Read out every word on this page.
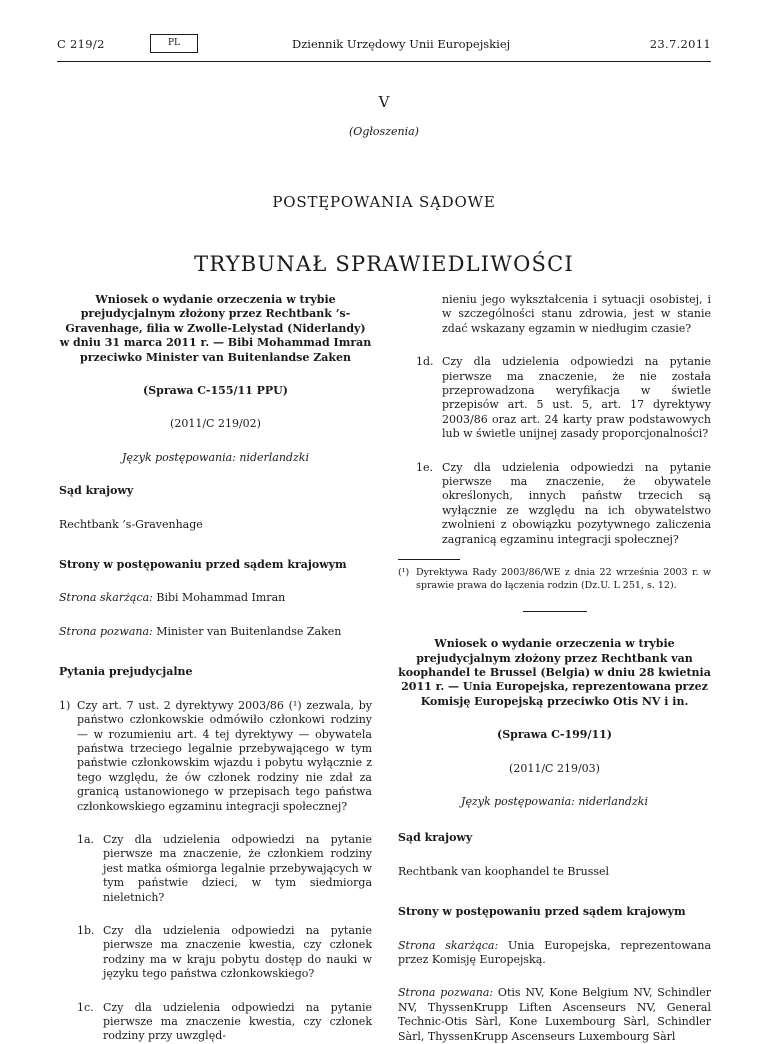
C 219/2	PL	Dziennik Urzędowy Unii Europejskiej	23.7.2011
V
(Ogłoszenia)
POSTĘPOWANIA SĄDOWE
TRYBUNAŁ SPRAWIEDLIWOŚCI

Wniosek o wydanie orzeczenia w trybie prejudycjalnym złożony przez Rechtbank ’s-Gravenhage, filia w Zwolle-Lelystad (Niderlandy) w dniu 31 marca 2011 r. — Bibi Mohammad Imran przeciwko Minister van Buitenlandse Zaken

(Sprawa C-155/11 PPU)

(2011/C 219/02)

Język postępowania: niderlandzki

Sąd krajowy

Rechtbank ’s-Gravenhage

Strony w postępowaniu przed sądem krajowym

Strona skarżąca: Bibi Mohammad Imran

Strona pozwana: Minister van Buitenlandse Zaken

Pytania prejudycjalne

1) Czy art. 7 ust. 2 dyrektywy 2003/86 (¹) zezwala, by państwo członkowskie odmówiło członkowi rodziny — w rozumieniu art. 4 tej dyrektywy — obywatela państwa trzeciego legalnie przebywającego w tym państwie członkowskim wjazdu i pobytu wyłącznie z tego względu, że ów członek rodziny nie zdał za granicą ustanowionego w przepisach tego państwa członkowskiego egzaminu integracji społecznej?
1a. Czy dla udzielenia odpowiedzi na pytanie pierwsze ma znaczenie, że członkiem rodziny jest matka ośmiorga legalnie przebywających w tym państwie dzieci, w tym siedmiorga nieletnich?
1b. Czy dla udzielenia odpowiedzi na pytanie pierwsze ma znaczenie kwestia, czy członek rodziny ma w kraju pobytu dostęp do nauki w języku tego państwa członkowskiego?
1c. Czy dla udzielenia odpowiedzi na pytanie pierwsze ma znaczenie kwestia, czy członek rodziny przy uwzględ-
nieniu jego wykształcenia i sytuacji osobistej, i w szczególności stanu zdrowia, jest w stanie zdać wskazany egzamin w niedługim czasie?
1d. Czy dla udzielenia odpowiedzi na pytanie pierwsze ma znaczenie, że nie została przeprowadzona weryfikacja w świetle przepisów art. 5 ust. 5, art. 17 dyrektywy 2003/86 oraz art. 24 karty praw podstawowych lub w świetle unijnej zasady proporcjonalności?
1e. Czy dla udzielenia odpowiedzi na pytanie pierwsze ma znaczenie, że obywatele określonych, innych państw trzecich są wyłącznie ze względu na ich obywatelstwo zwolnieni z obowiązku pozytywnego zaliczenia zagranicą egzaminu integracji społecznej?
(¹) Dyrektywa Rady 2003/86/WE z dnia 22 września 2003 r. w sprawie prawa do łączenia rodzin (Dz.U. L 251, s. 12).

Wniosek o wydanie orzeczenia w trybie prejudycjalnym złożony przez Rechtbank van koophandel te Brussel (Belgia) w dniu 28 kwietnia 2011 r. — Unia Europejska, reprezentowana przez Komisję Europejską przeciwko Otis NV i in.

(Sprawa C-199/11)

(2011/C 219/03)

Język postępowania: niderlandzki

Sąd krajowy

Rechtbank van koophandel te Brussel

Strony w postępowaniu przed sądem krajowym

Strona skarżąca: Unia Europejska, reprezentowana przez Komisję Europejską.

Strona pozwana: Otis NV, Kone Belgium NV, Schindler NV, ThyssenKrupp Liften Ascenseurs NV, General Technic-Otis Sàrl, Kone Luxembourg Sàrl, Schindler Sàrl, ThyssenKrupp Ascenseurs Luxembourg Sàrl
